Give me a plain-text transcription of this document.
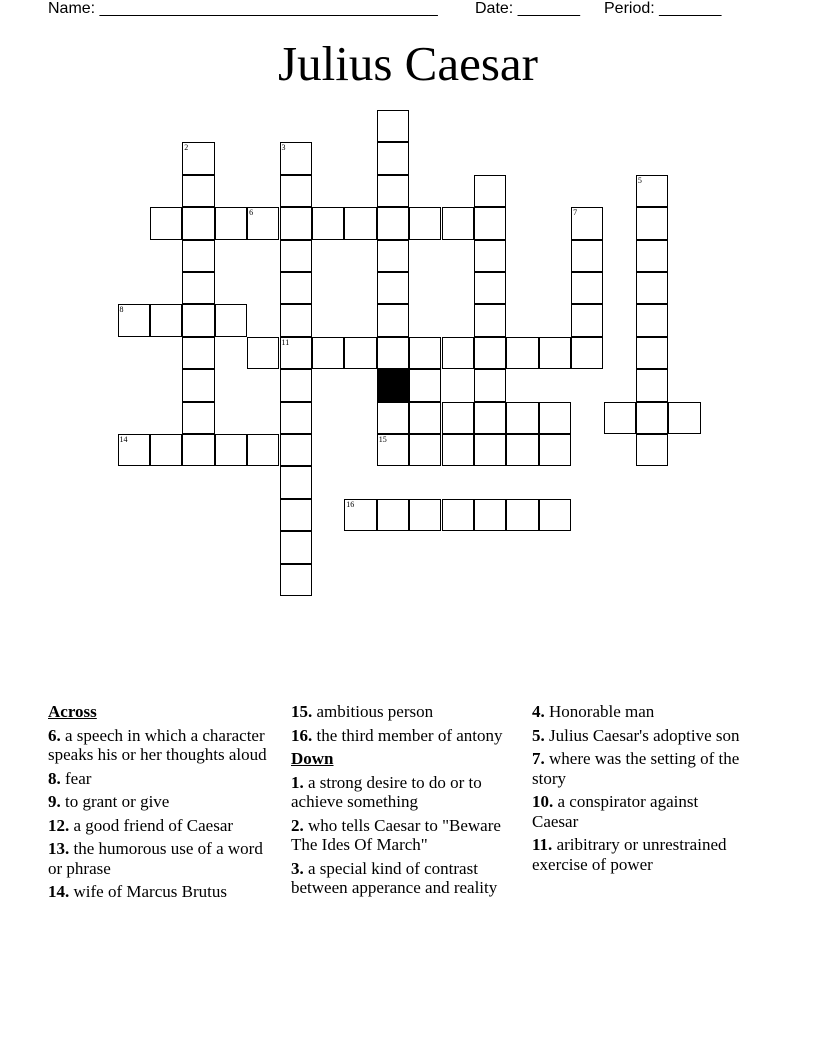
Name: ______________________________________ Date: _______ Period: _______
Julius Caesar
2	3
6	7
8
11
14	15
16
5
12
Across
6. a speech in which a character speaks his or her thoughts aloud
8. fear
9. to grant or give
12. a good friend of Caesar
13. the humorous use of a word or phrase
14. wife of Marcus Brutus
15. ambitious person
16. the third member of antony
Down
1. a strong desire to do or to achieve something
2. who tells Caesar to "Beware The Ides Of March"
3. a special kind of contrast between apperance and reality
4. Honorable man
5. Julius Caesar's adoptive son
7. where was the setting of the story
10. a conspirator against Caesar
11. aribitrary or unrestrained exercise of power
